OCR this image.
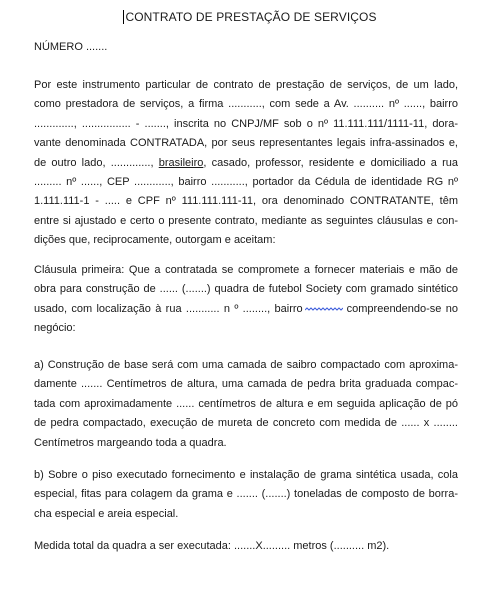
CONTRATO DE PRESTAÇÃO DE SERVIÇOS
NÚMERO .......
Por este instrumento particular de contrato de prestação de serviços, de um lado,
como prestadora de serviços, a firma ..........., com sede a Av. .......... nº ......, bairro
............., ................ - ......., inscrita no CNPJ/MF sob o nº 11.111.111/1111-11, dora-
vante denominada CONTRATADA, por seus representantes legais infra-assinados e,
de outro lado, ............., brasileiro, casado, professor, residente e domiciliado a rua
......... nº ......, CEP ............, bairro ..........., portador da Cédula de identidade RG nº
1.111.111-1 - ..... e CPF nº 111.111.111-11, ora denominado CONTRATANTE, têm
entre si ajustado e certo o presente contrato, mediante as seguintes cláusulas e con-
dições que, reciprocamente, outorgam e aceitam:
Cláusula primeira: Que a contratada se compromete a fornecer materiais e mão de
obra para construção de ...... (.......) quadra de futebol Society com gramado sintético
usado, com localização à rua ........... n º ........, bairro	compreendendo-se no
negócio:
a) Construção de base será com uma camada de saibro compactado com aproxima-
damente ....... Centímetros de altura, uma camada de pedra brita graduada compac-
tada com aproximadamente ...... centímetros de altura e em seguida aplicação de pó
de pedra compactado, execução de mureta de concreto com medida de ...... x ........
Centímetros margeando toda a quadra.
b) Sobre o piso executado fornecimento e instalação de grama sintética usada, cola
especial, fitas para colagem da grama e ....... (.......) toneladas de composto de borra-
cha especial e areia especial.
Medida total da quadra a ser executada: .......X......... metros (.......... m2).
